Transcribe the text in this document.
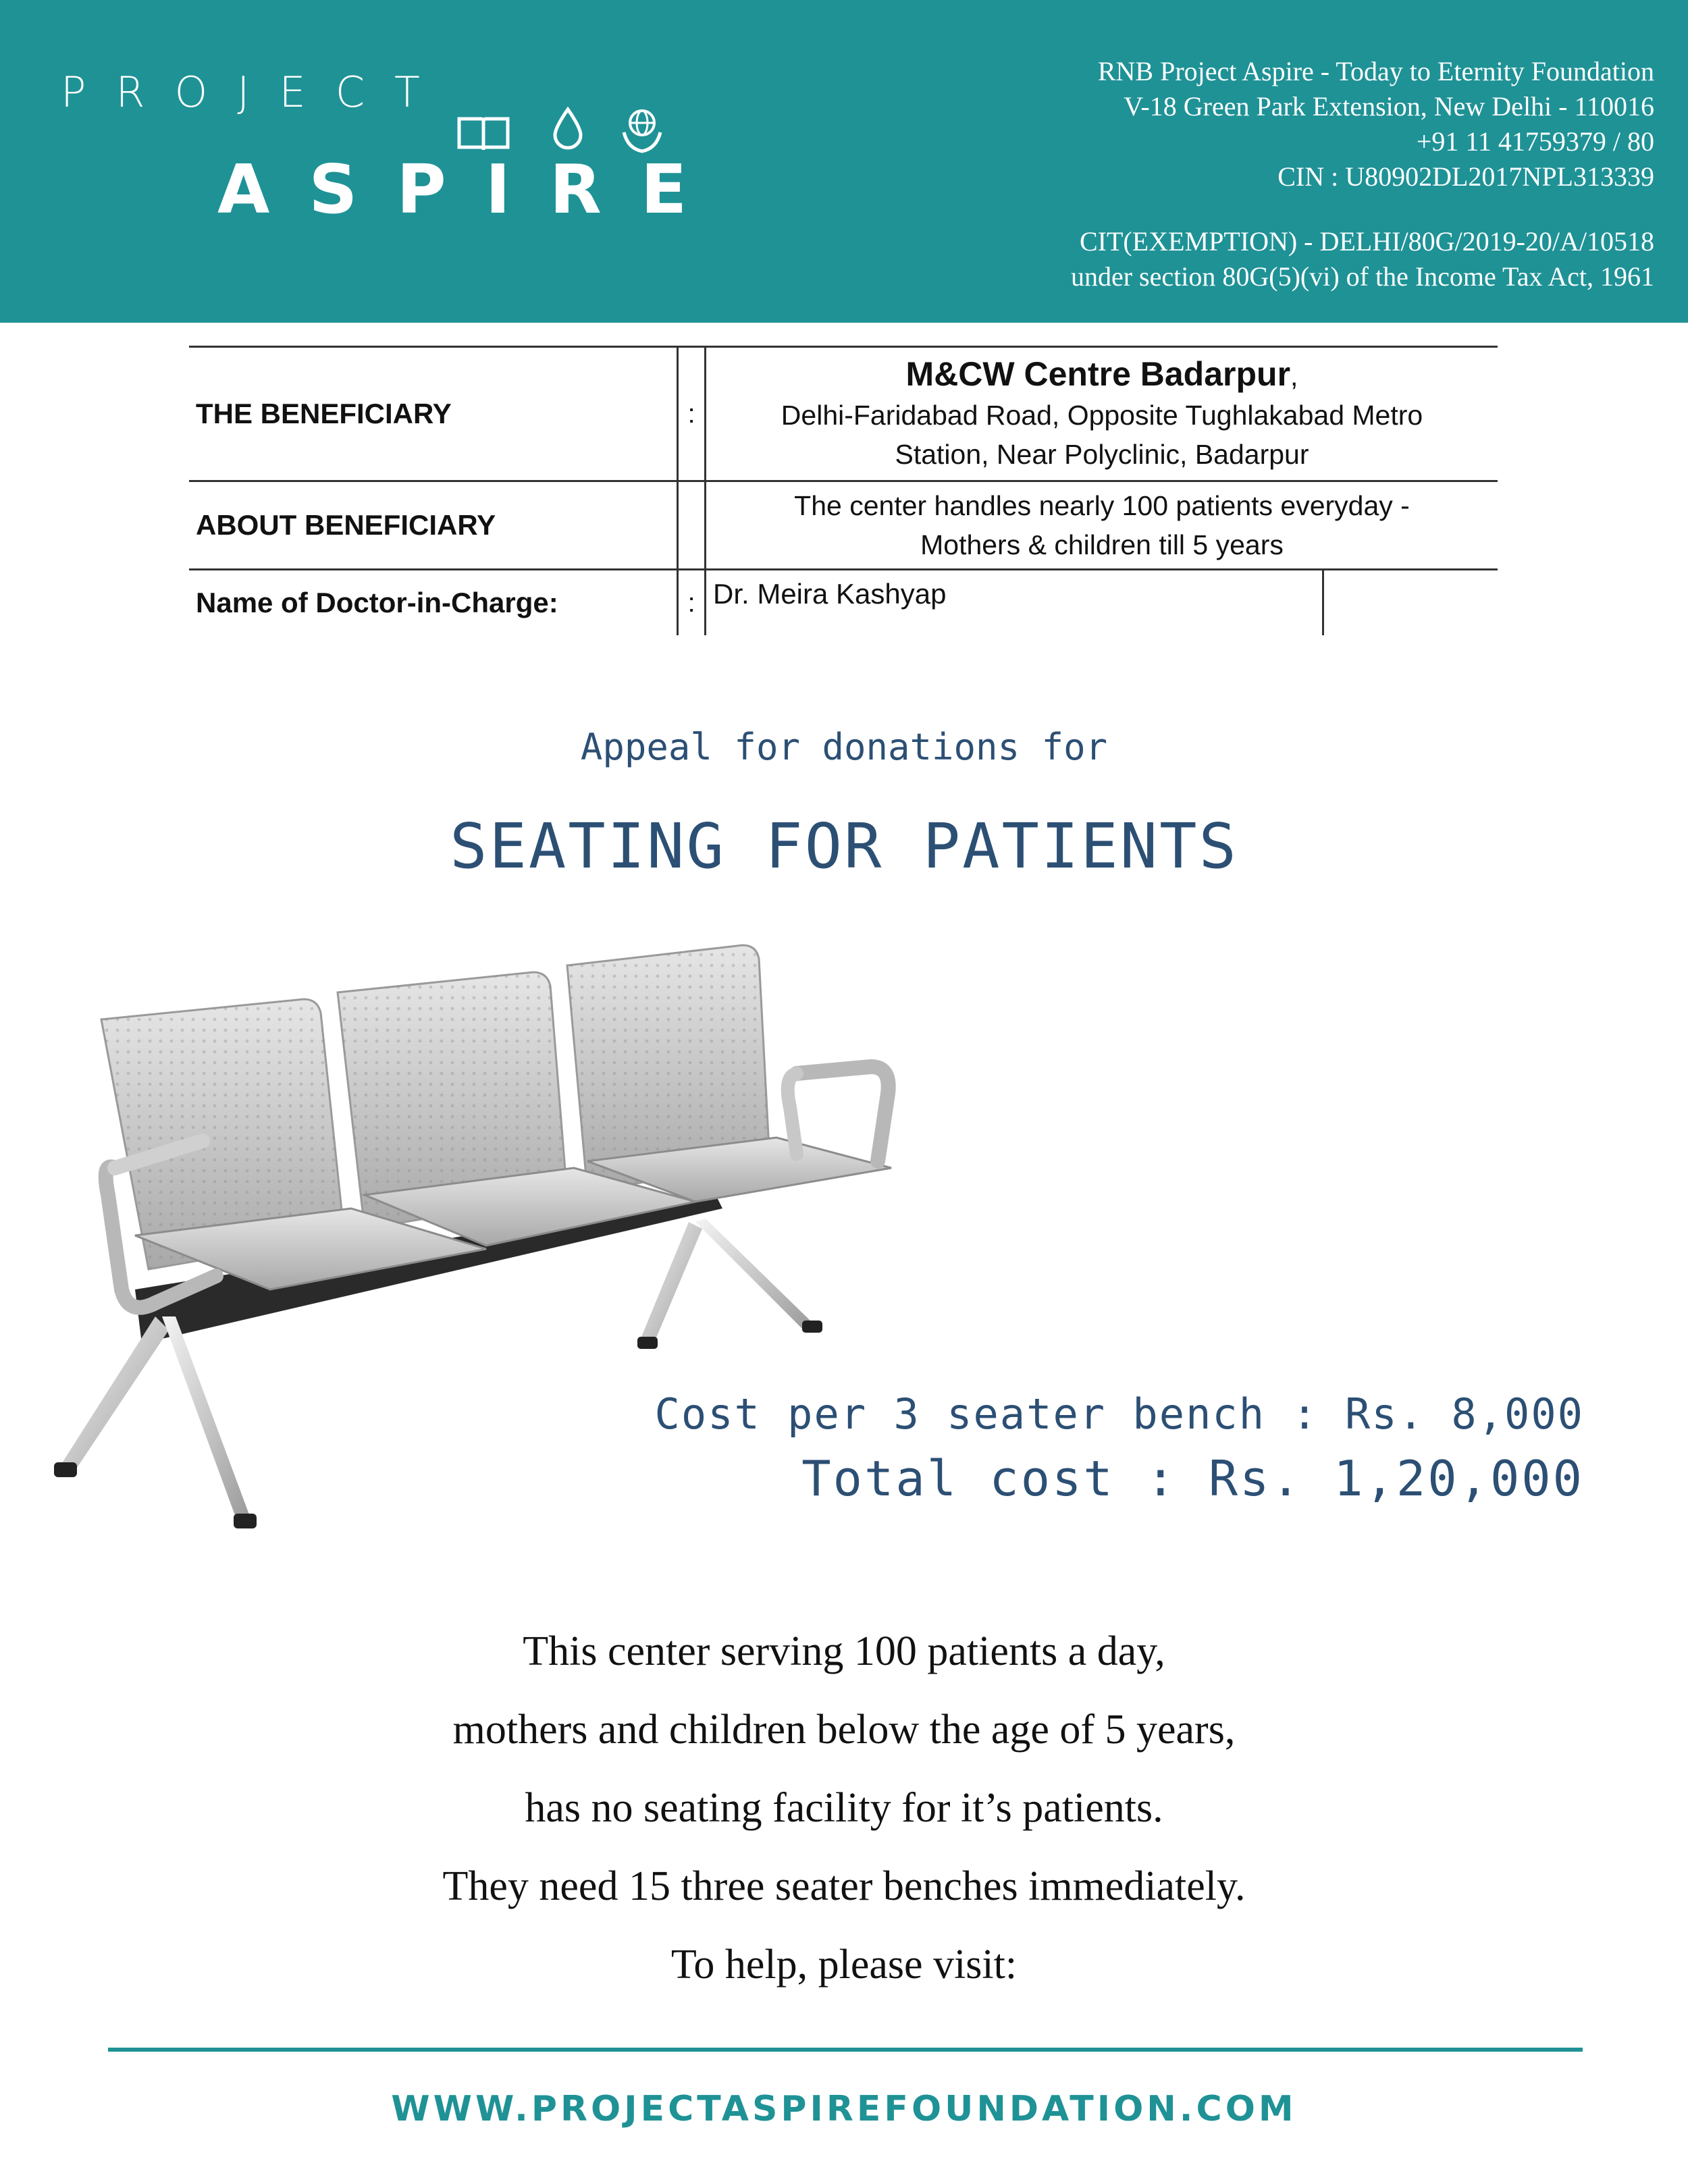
PROJECT
ASPIRE
RNB Project Aspire - Today to Eternity Foundation
V-18 Green Park Extension, New Delhi - 110016
+91 11 41759379 / 80
CIN : U80902DL2017NPL313339
CIT(EXEMPTION) - DELHI/80G/2019-20/A/10518
under section 80G(5)(vi) of the Income Tax Act, 1961
THE BENEFICIARY	:	M&CW Centre Badarpur,
Delhi-Faridabad Road, Opposite Tughlakabad Metro
Station, Near Polyclinic, Badarpur

ABOUT BENEFICIARY		The center handles nearly 100 patients everyday -
Mothers & children till 5 years

Name of Doctor-in-Charge:	:	Dr. Meira Kashyap
Appeal for donations for
SEATING FOR PATIENTS
Cost per 3 seater bench : Rs. 8,000
Total cost : Rs. 1,20,000
This center serving 100 patients a day,
mothers and children below the age of 5 years,
has no seating facility for it’s patients.
They need 15 three seater benches immediately.
To help, please visit:
WWW.PROJECTASPIREFOUNDATION.COM
